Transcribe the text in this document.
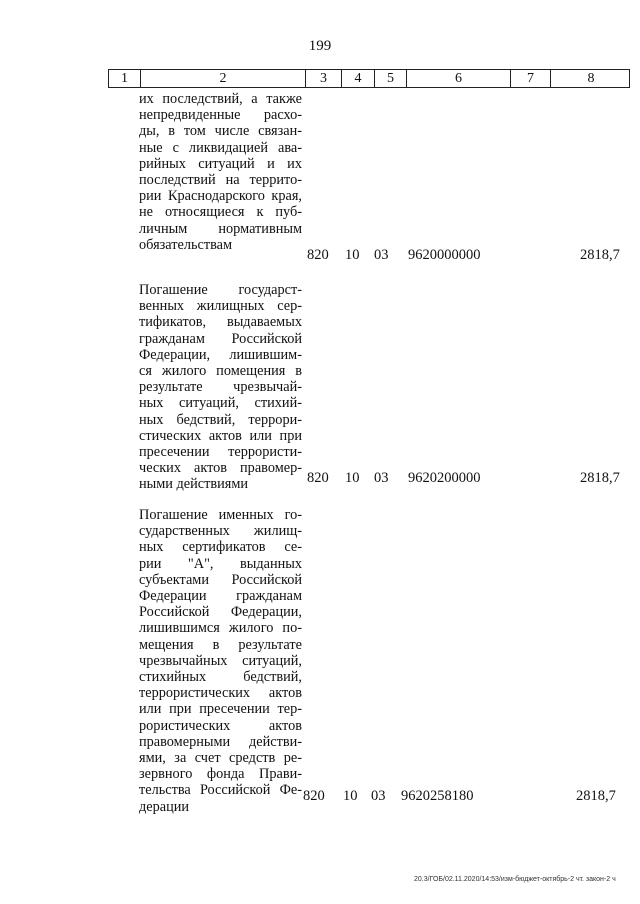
199
1	2	3	4	5	6	7	8
их последствий, а также
непредвиденные расхо-
ды, в том числе связан-
ные с ликвидацией ава-
рийных ситуаций и их
последствий на террито-
рии Краснодарского края,
не относящиеся к пуб-
личным нормативным
обязательствам
820 10 03 9620000000	2818,7
Погашение государст-
венных жилищных сер-
тификатов, выдаваемых
гражданам Российской
Федерации, лишившим-
ся жилого помещения в
результате чрезвычай-
ных ситуаций, стихий-
ных бедствий, террори-
стических актов или при
пресечении террористи-
ческих актов правомер-
ными действиями	820 10 03 9620200000	2818,7
Погашение именных го-
сударственных жилищ-
ных сертификатов се-
рии "А", выданных
субъектами Российской
Федерации гражданам
Российской Федерации,
лишившимся жилого по-
мещения в результате
чрезвычайных ситуаций,
стихийных бедствий,
террористических актов
или при пресечении тер-
рористических актов
правомерными действи-
ями, за счет средств ре-
зервного фонда Прави-
тельства Российской Фе-
дерации
820 10 03 9620258180	2818,7
20.3/ГОБ/02.11.2020/14:53/изм-бюджет-октябрь-2 чт. закон-2 ч
